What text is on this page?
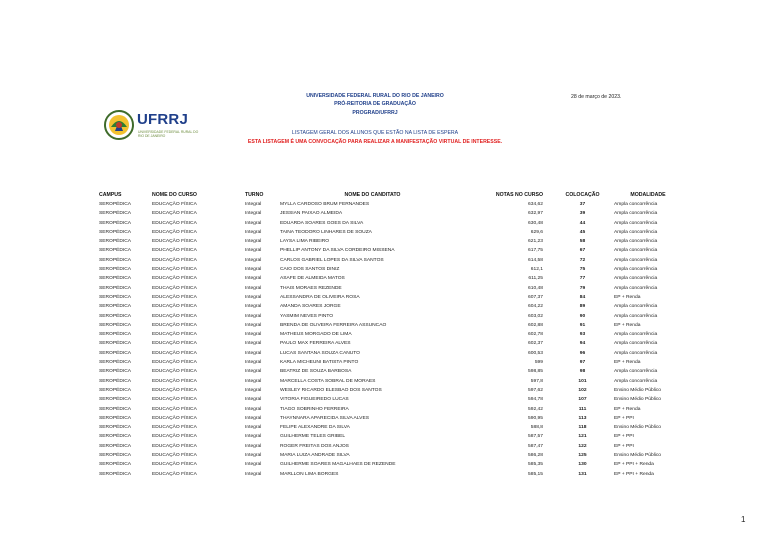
UFRRJ
UNIVERSIDADE FEDERAL RURAL DO RIO DE JANEIRO
UNIVERSIDADE FEDERAL RURAL DO RIO DE JANEIRO
PRÓ-REITORIA DE GRADUAÇÃO
PROGRAD/UFRRJ
28 de março de 2023.
LISTAGEM GERAL DOS ALUNOS QUE ESTÃO NA LISTA DE ESPERA
ESTA LISTAGEM É UMA CONVOCAÇÃO PARA REALIZAR A MANIFESTAÇÃO VIRTUAL DE INTERESSE.
CAMPUS	NOME DO CURSO	TURNO	NOME DO CANDITATO	NOTAS NO CURSO	COLOCAÇÃO	MODALIDADE
SEROPÉDICA	EDUCAÇÃO FÍSICA	Integral	MYLLA CARDOSO BRUM FERNANDES	634,62	37	Ampla concorrência
SEROPÉDICA	EDUCAÇÃO FÍSICA	Integral	JESSIAN PAIXAO ALMEIDA	632,97	39	Ampla concorrência
SEROPÉDICA	EDUCAÇÃO FÍSICA	Integral	EDUARDA SOARES GOES DA SILVA	630,48	44	Ampla concorrência
SEROPÉDICA	EDUCAÇÃO FÍSICA	Integral	TAINA TEODORO LINHARES DE SOUZA	629,6	45	Ampla concorrência
SEROPÉDICA	EDUCAÇÃO FÍSICA	Integral	LAYSA LIMA RIBEIRO	621,23	58	Ampla concorrência
SEROPÉDICA	EDUCAÇÃO FÍSICA	Integral	PHELLIP ANTONY DA SILVA CORDEIRO MISSENA	617,75	67	Ampla concorrência
SEROPÉDICA	EDUCAÇÃO FÍSICA	Integral	CARLOS GABRIEL LOPES DA SILVA SANTOS	614,58	72	Ampla concorrência
SEROPÉDICA	EDUCAÇÃO FÍSICA	Integral	CAIO DOS SANTOS DINIZ	612,1	75	Ampla concorrência
SEROPÉDICA	EDUCAÇÃO FÍSICA	Integral	ASAFE DE ALMEIDA MATOS	611,25	77	Ampla concorrência
SEROPÉDICA	EDUCAÇÃO FÍSICA	Integral	THAIS MORAES REZENDE	610,48	79	Ampla concorrência
SEROPÉDICA	EDUCAÇÃO FÍSICA	Integral	ALESSANDRA DE OLIVEIRA ROSA	607,37	84	EP + Renda
SEROPÉDICA	EDUCAÇÃO FÍSICA	Integral	AMANDA SOARES JORGE	604,22	89	Ampla concorrência
SEROPÉDICA	EDUCAÇÃO FÍSICA	Integral	YASMIM NEVES PINTO	603,02	90	Ampla concorrência
SEROPÉDICA	EDUCAÇÃO FÍSICA	Integral	BRENDA DE OLIVEIRA FERREIRA ASSUNCAO	602,88	91	EP + Renda
SEROPÉDICA	EDUCAÇÃO FÍSICA	Integral	MATHEUS MORGADO DE LIMA	602,78	93	Ampla concorrência
SEROPÉDICA	EDUCAÇÃO FÍSICA	Integral	PAULO MAX FERREIRA ALVES	602,37	94	Ampla concorrência
SEROPÉDICA	EDUCAÇÃO FÍSICA	Integral	LUCAS SANTANA SOUZA CANUTO	600,53	96	Ampla concorrência
SEROPÉDICA	EDUCAÇÃO FÍSICA	Integral	KARLA MICHEUNI BATISTA PINTO	599	97	EP + Renda
SEROPÉDICA	EDUCAÇÃO FÍSICA	Integral	BEATRIZ DE SOUZA BARBOSA	598,85	98	Ampla concorrência
SEROPÉDICA	EDUCAÇÃO FÍSICA	Integral	MARCELLA COSTA SOBRAL DE MORAES	597,8	101	Ampla concorrência
SEROPÉDICA	EDUCAÇÃO FÍSICA	Integral	WESLEY RICARDO ELESBAO DOS SANTOS	597,62	102	Ensino Médio Público
SEROPÉDICA	EDUCAÇÃO FÍSICA	Integral	VITORIA FIGUEIREDO LUCAS	594,78	107	Ensino Médio Público
SEROPÉDICA	EDUCAÇÃO FÍSICA	Integral	TIAGO SOBRINHO FERREIRA	592,42	111	EP + Renda
SEROPÉDICA	EDUCAÇÃO FÍSICA	Integral	THAYNNARA APARECIDA SILVA ALVES	590,95	113	EP + PPI
SEROPÉDICA	EDUCAÇÃO FÍSICA	Integral	FELIPE ALEXANDRE DA SILVA	588,8	118	Ensino Médio Público
SEROPÉDICA	EDUCAÇÃO FÍSICA	Integral	GUILHERME TELES GRIBEL	587,57	121	EP + PPI
SEROPÉDICA	EDUCAÇÃO FÍSICA	Integral	ROGER FREITAS DOS ANJOS	587,47	122	EP + PPI
SEROPÉDICA	EDUCAÇÃO FÍSICA	Integral	MARIA LUIZA ANDRADE SILVA	586,28	125	Ensino Médio Público
SEROPÉDICA	EDUCAÇÃO FÍSICA	Integral	GUILHERME SOARES MAGALHAES DE REZENDE	585,35	130	EP + PPI + Renda
SEROPÉDICA	EDUCAÇÃO FÍSICA	Integral	MARLLON LIMA BORGES	585,15	131	EP + PPI + Renda
1
